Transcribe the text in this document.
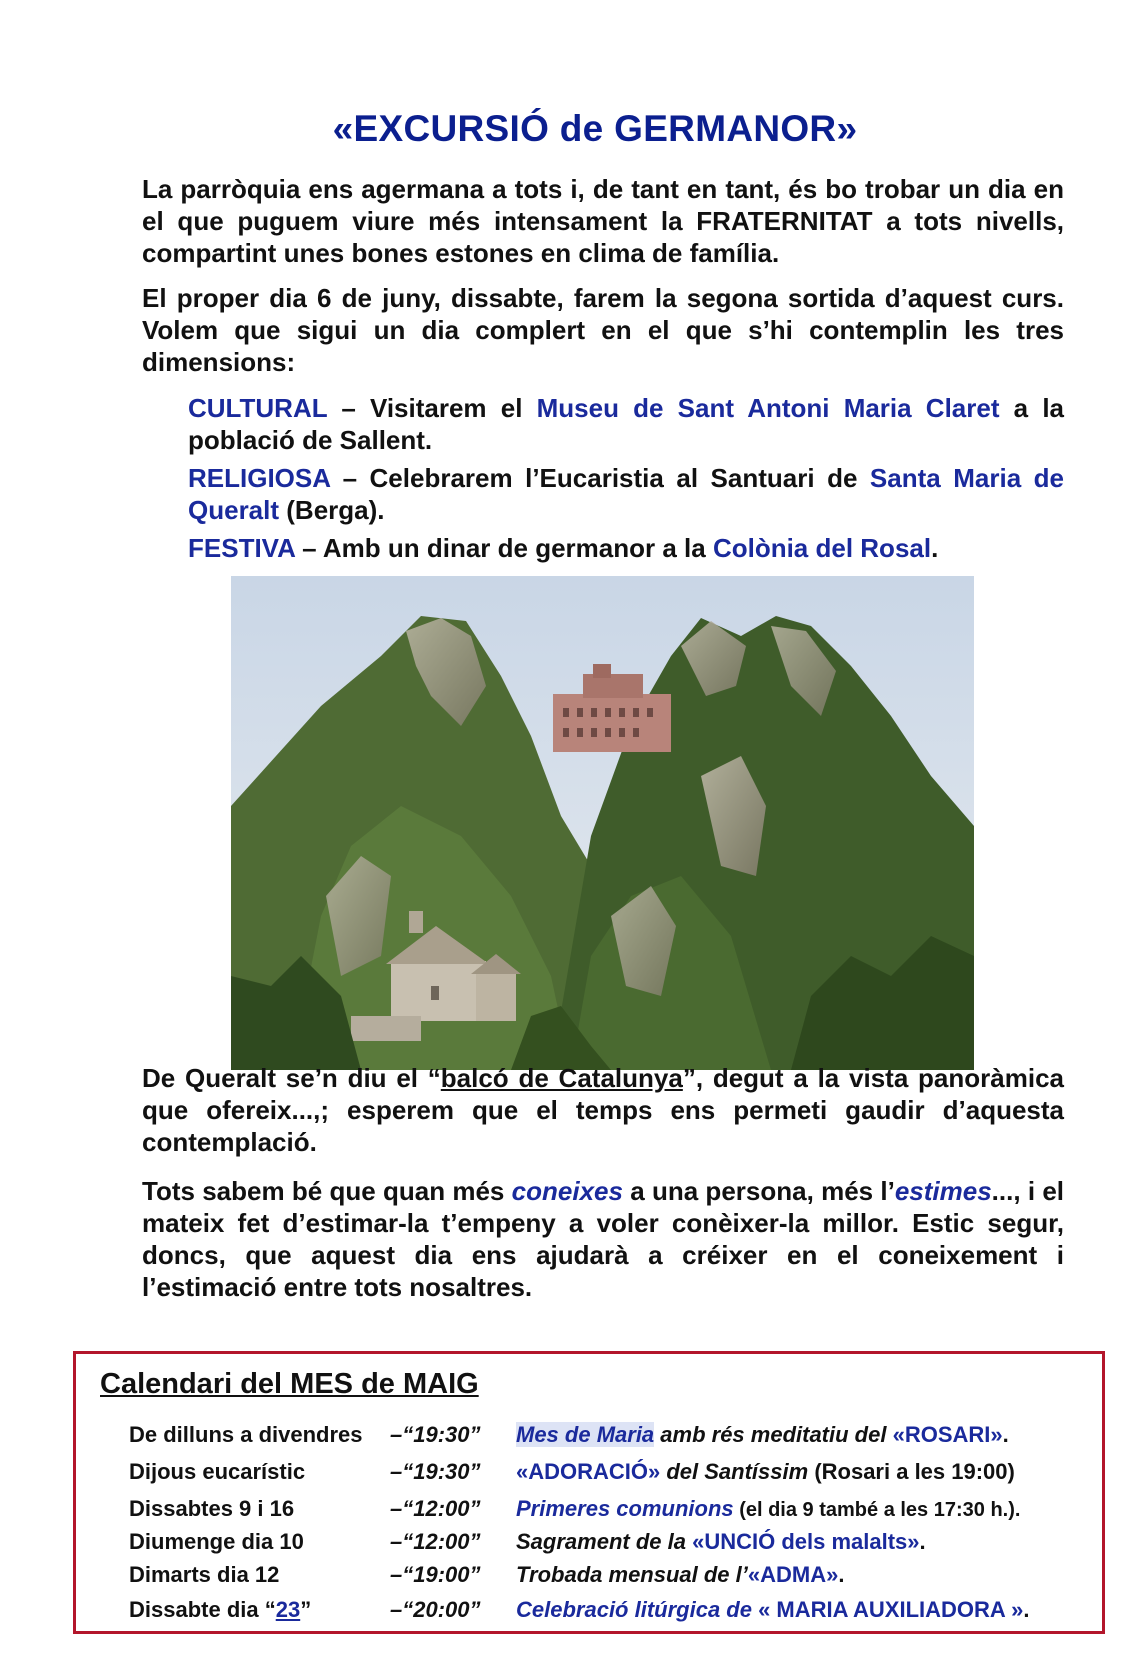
«EXCURSIÓ de GERMANOR»
La parròquia ens agermana a tots i, de tant en tant, és bo trobar un dia en el que puguem viure més intensament la FRATERNITAT a tots nivells, compartint unes bones estones en clima de família.
El proper dia 6 de juny, dissabte, farem la segona sortida d’aquest curs. Volem que sigui un dia complert en el que s’hi contemplin les tres dimensions:
CULTURAL – Visitarem el Museu de Sant Antoni Maria Claret a la població de Sallent.
RELIGIOSA – Celebrarem l’Eucaristia al Santuari de Santa Maria de Queralt (Berga).
FESTIVA – Amb un dinar de germanor a la Colònia del Rosal.
De Queralt se’n diu el “balcó de Catalunya”, degut a la vista panoràmica que ofereix...,; esperem que el temps ens permeti gaudir d’aquesta contemplació.
Tots sabem bé que quan més coneixes a una persona, més l’estimes..., i el mateix fet d’estimar-la t’empeny a voler conèixer-la millor. Estic segur, doncs, que aquest dia ens ajudarà a créixer en el coneixement i l’estimació entre tots nosaltres.
Calendari del MES de MAIG
De dilluns a divendres –“19:30” Mes de Maria amb rés meditatiu del «ROSARI».
Dijous eucarístic	–“19:30” «ADORACIÓ» del Santíssim (Rosari a les 19:00)
Dissabtes 9 i 16	–“12:00” Primeres comunions (el dia 9 també a les 17:30 h.).
Diumenge dia 10	–“12:00” Sagrament de la «UNCIÓ dels malalts».
Dimarts dia 12	–“19:00” Trobada mensual de l’«ADMA».
Dissabte dia “23”	–“20:00” Celebració litúrgica de « MARIA AUXILIADORA ».
